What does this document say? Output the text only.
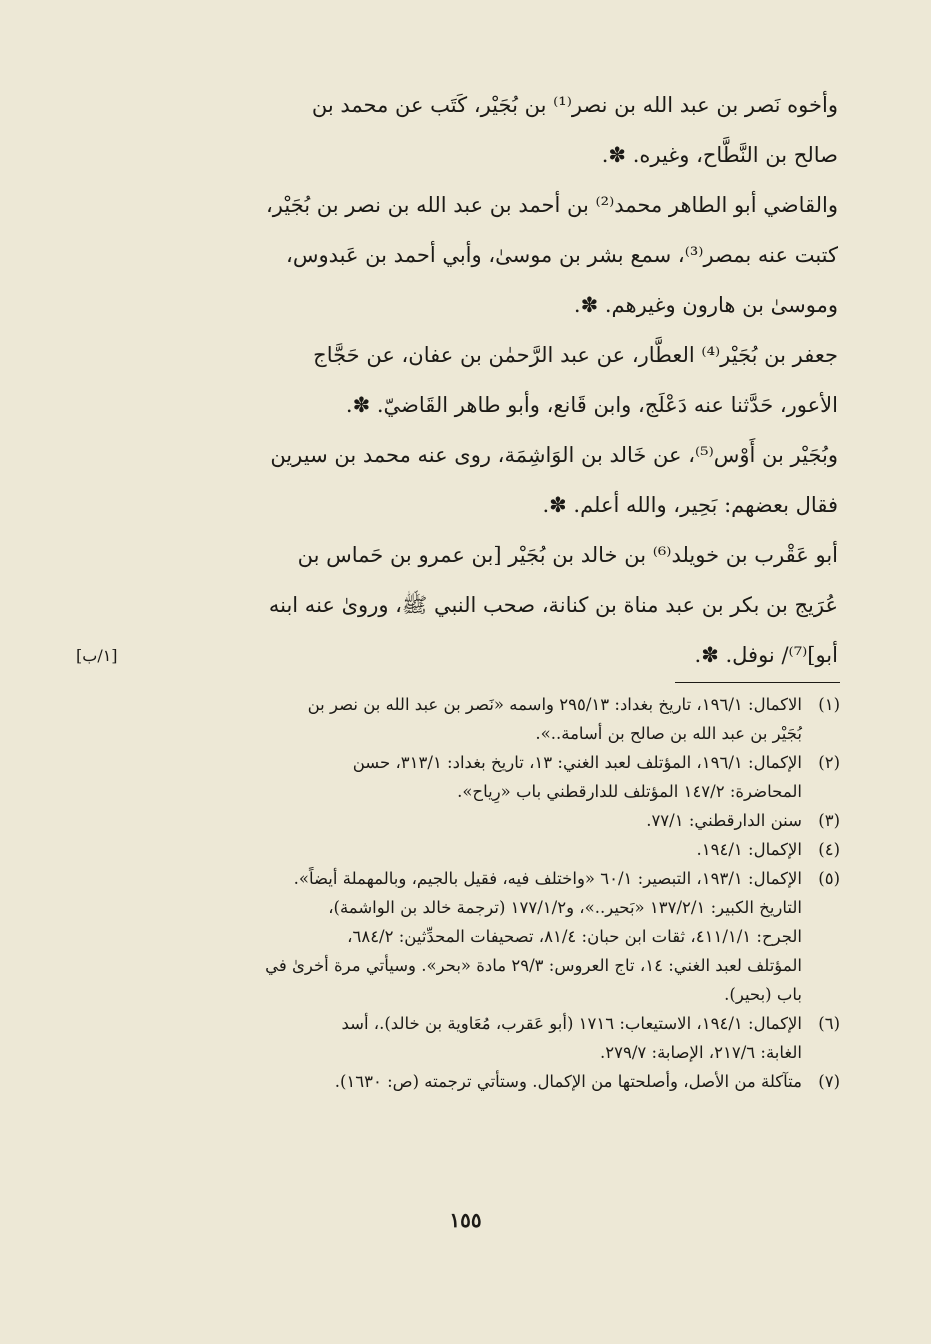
وأخوه نَصر بن عبد الله بن نصر⁽¹⁾ بن بُجَيْر، كَتَب عن محمد بن
صالح بن النَّطَّاح، وغيره. ✽.
والقاضي أبو الطاهر محمد⁽²⁾ بن أحمد بن عبد الله بن نصر بن بُجَيْر،
كتبت عنه بمصر⁽³⁾، سمع بشر بن موسىٰ، وأبي أحمد بن عَبدوس،
وموسىٰ بن هارون وغيرهم. ✽.
جعفر بن بُجَيْر⁽⁴⁾ العطَّار، عن عبد الرَّحمٰن بن عفان، عن حَجَّاج
الأعور، حَدَّثنا عنه دَعْلَج، وابن قَانع، وأبو طاهر القَاضيّ. ✽.
وبُجَيْر بن أَوْس⁽⁵⁾، عن خَالد بن الوَاشِمَة، روى عنه محمد بن سيرين
فقال بعضهم: بَحِير، والله أعلم. ✽.
أبو عَقْرب بن خويلد⁽⁶⁾ بن خالد بن بُجَيْر [بن عمرو بن حَماس بن
عُرَيج بن بكر بن عبد مناة بن كنانة، صحب النبي ﷺ، وروىٰ عنه ابنه
أبو]⁽⁷⁾/ نوفل. ✽.
[١/ب]
(١)
الاكمال: ١٩٦/١، تاريخ بغداد: ٢٩٥/١٣ واسمه «نَصر بن عبد الله بن نصر بن
بُجَيْر بن عبد الله بن صالح بن أسامة..».
(٢)
الإكمال: ١٩٦/١، المؤتلف لعبد الغني: ١٣، تاريخ بغداد: ٣١٣/١، حسن
المحاضرة: ١٤٧/٢ المؤتلف للدارقطني باب «رِياح».
(٣)
سنن الدارقطني: ٧٧/١.
(٤)
الإكمال: ١٩٤/١.
(٥)
الإكمال: ١٩٣/١، التبصير: ٦٠/١ «واختلف فيه، فقيل بالجيم، وبالمهملة أيضاً».
التاريخ الكبير: ١٣٧/٢/١ «بَحير..»، و١٧٧/١/٢ (ترجمة خالد بن الواشمة)،
الجرح: ٤١١/١/١، ثقات ابن حبان: ٨١/٤، تصحيفات المحدِّثين: ٦٨٤/٢،
المؤتلف لعبد الغني: ١٤، تاج العروس: ٢٩/٣ مادة «بحر». وسيأتي مرة أخرىٰ في
باب (بحير).
(٦)
الإكمال: ١٩٤/١، الاستيعاب: ١٧١٦ (أبو عَقرب، مُعَاوية بن خالد).، أسد
الغابة: ٢١٧/٦، الإصابة: ٢٧٩/٧.
(٧)
متآكلة من الأصل، وأصلحتها من الإكمال. وستأتي ترجمته (ص: ١٦٣٠).
١٥٥
